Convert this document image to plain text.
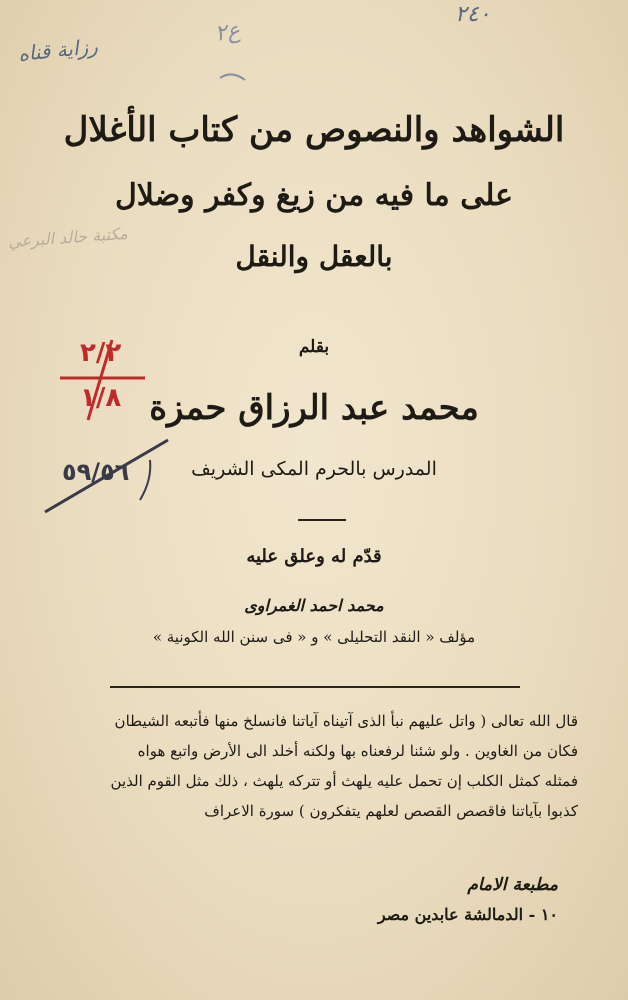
٢٤٠
رزاية قناه
ع٢
مكتبة حالد البرعي
الشواهد والنصوص من كتاب الأغلال
على ما فيه من زيغ وكفر وضلال
بالعقل والنقل
٢/٢
١/٨
بقلم
محمد عبد الرزاق حمزة
المدرس بالحرم المكى الشريف
٥٩/٥٦
قدّم له وعلق عليه
محمد احمد الغمراوى
مؤلف « النقد التحليلى » و « فى سنن الله الكونية »
قال الله تعالى ( واتل عليهم نبأ الذى آتيناه آياتنا فانسلخ منها فأتبعه الشيطان
فكان من الغاوين . ولو شئنا لرفعناه بها ولكنه أخلد الى الأرض واتبع هواه
فمثله كمثل الكلب إن تحمل عليه يلهث أو تتركه يلهث ، ذلك مثل القوم الذين
كذبوا بآياتنا فاقصص القصص لعلهم يتفكرون ) سورة الاعراف
مطبعة الامام
١٠ - الدمالشة عابدين مصر
